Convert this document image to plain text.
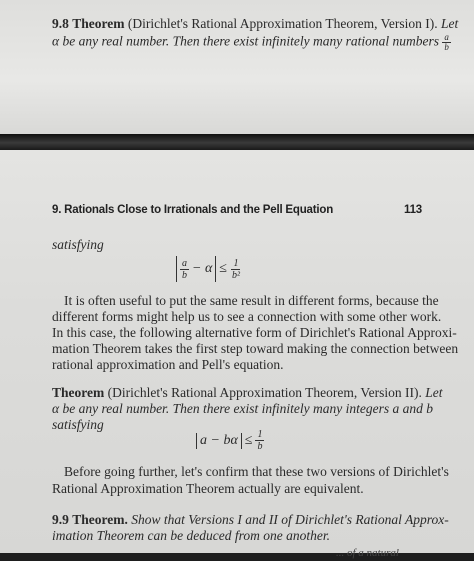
9.8 Theorem (Dirichlet's Rational Approximation Theorem, Version I). Let
α be any real number. Then there exist infinitely many rational numbers $\frac{a}{b}$
9. Rationals Close to Irrationals and the Pell Equation	113
satisfying
$\frac{a}{b} - \alpha \le \frac{1}{\text{b²}}$
It is often useful to put the same result in different forms, because the
different forms might help us to see a connection with some other work.
In this case, the following alternative form of Dirichlet's Rational Approxi-
mation Theorem takes the first step toward making the connection between
rational approximation and Pell's equation.
Theorem (Dirichlet's Rational Approximation Theorem, Version II). Let
α be any real number. Then there exist infinitely many integers a and b
satisfying
$a - b\alpha \le \frac{1}{b}$
Before going further, let's confirm that these two versions of Dirichlet's
Rational Approximation Theorem actually are equivalent.
9.9 Theorem. Show that Versions I and II of Dirichlet's Rational Approx-
imation Theorem can be deduced from one another.
... of a natural
